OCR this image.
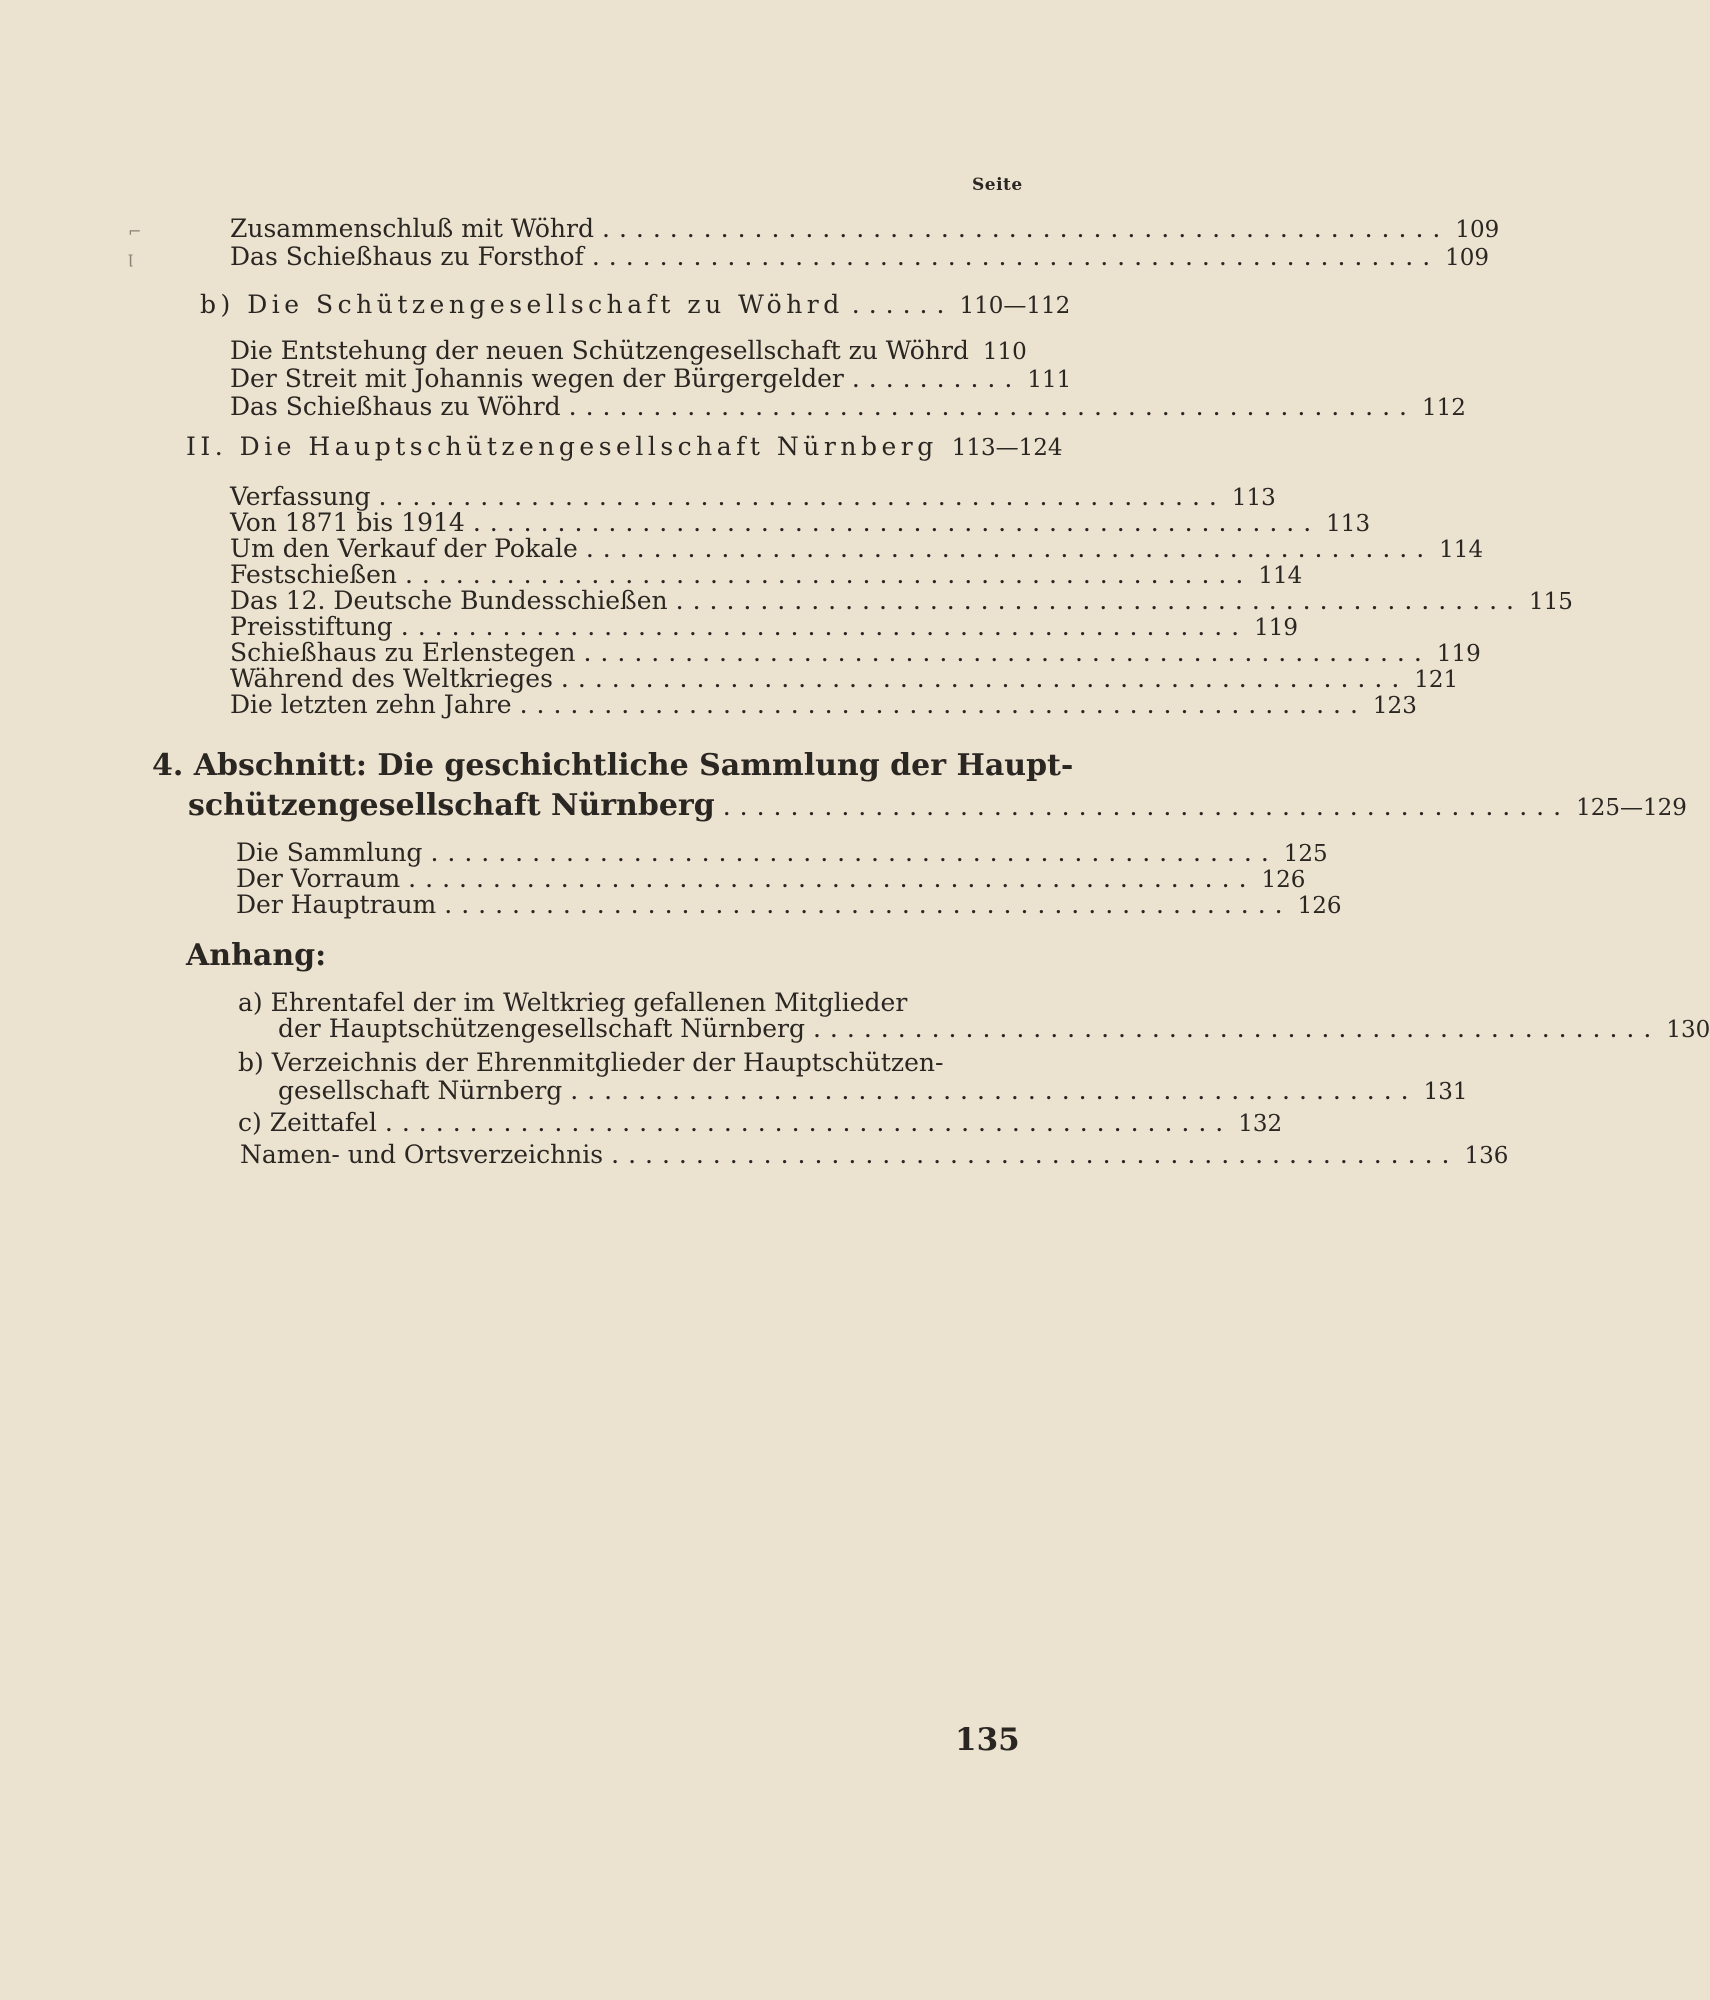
⌐
ꞁ
Seite
Zusammenschluß mit Wöhrd .................................................. 109
Das Schießhaus zu Forsthof .................................................. 109
b) Die Schützengesellschaft zu Wöhrd ...... 110—112
Die Entstehung der neuen Schützengesellschaft zu Wöhrd 110
Der Streit mit Johannis wegen der Bürgergelder .......... 111
Das Schießhaus zu Wöhrd .................................................. 112
II. Die Hauptschützengesellschaft Nürnberg 113—124
Verfassung .................................................. 113
Von 1871 bis 1914 .................................................. 113
Um den Verkauf der Pokale .................................................. 114
Festschießen .................................................. 114
Das 12. Deutsche Bundesschießen .................................................. 115
Preisstiftung .................................................. 119
Schießhaus zu Erlenstegen .................................................. 119
Während des Weltkrieges .................................................. 121
Die letzten zehn Jahre .................................................. 123
4. Abschnitt: Die geschichtliche Sammlung der Haupt-
schützengesellschaft Nürnberg .................................................. 125—129
Die Sammlung .................................................. 125
Der Vorraum .................................................. 126
Der Hauptraum .................................................. 126
Anhang:
a) Ehrentafel der im Weltkrieg gefallenen Mitglieder
der Hauptschützengesellschaft Nürnberg .................................................. 130
b) Verzeichnis der Ehrenmitglieder der Hauptschützen-
gesellschaft Nürnberg .................................................. 131
c) Zeittafel .................................................. 132
Namen- und Ortsverzeichnis .................................................. 136
135
